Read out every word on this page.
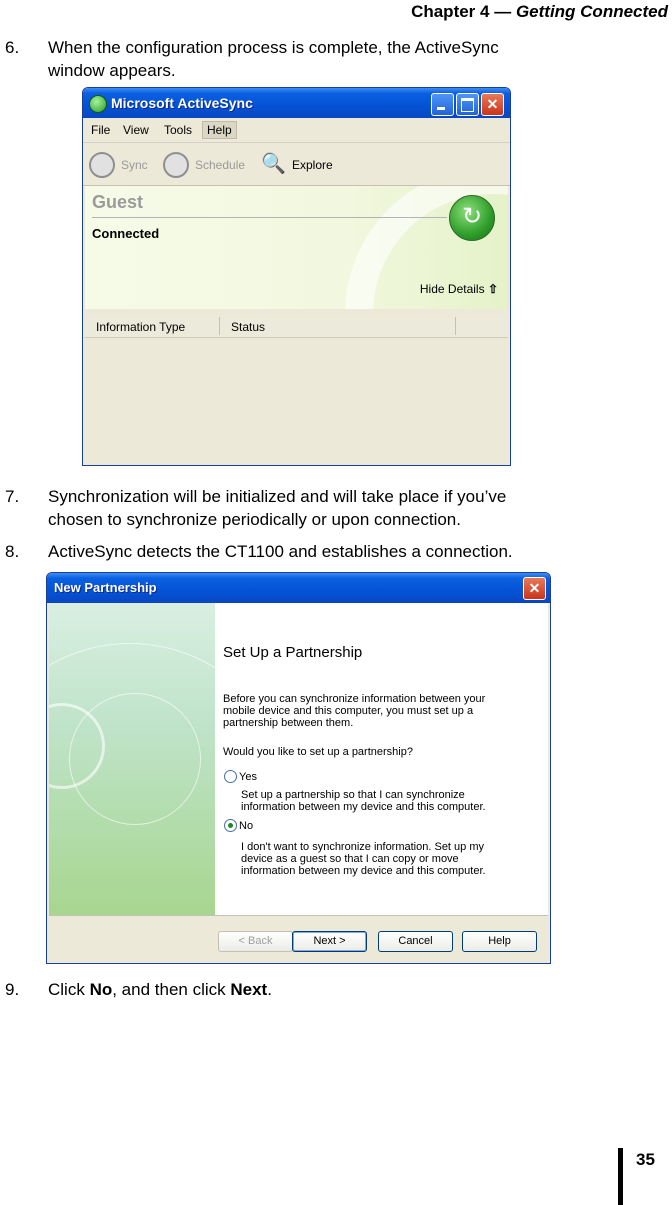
Chapter 4 — Getting Connected
6. When the configuration process is complete, the ActiveSync
window appears.
Microsoft ActiveSync	✕
File View Tools	Help
Sync	Schedule 🔍 Explore
Guest
Connected
↻
Hide Details ⇧
Information Type	Status
7. Synchronization will be initialized and will take place if you’ve
chosen to synchronize periodically or upon connection.
8. ActiveSync detects the CT1100 and establishes a connection.
New Partnership	✕
Set Up a Partnership
Before you can synchronize information between your
mobile device and this computer, you must set up a
partnership between them.
Would you like to set up a partnership?
Yes
Set up a partnership so that I can synchronize
information between my device and this computer.
No
I don't want to synchronize information. Set up my
device as a guest so that I can copy or move
information between my device and this computer.
< Back	Next >	Cancel	Help
9. Click No, and then click Next.
35
